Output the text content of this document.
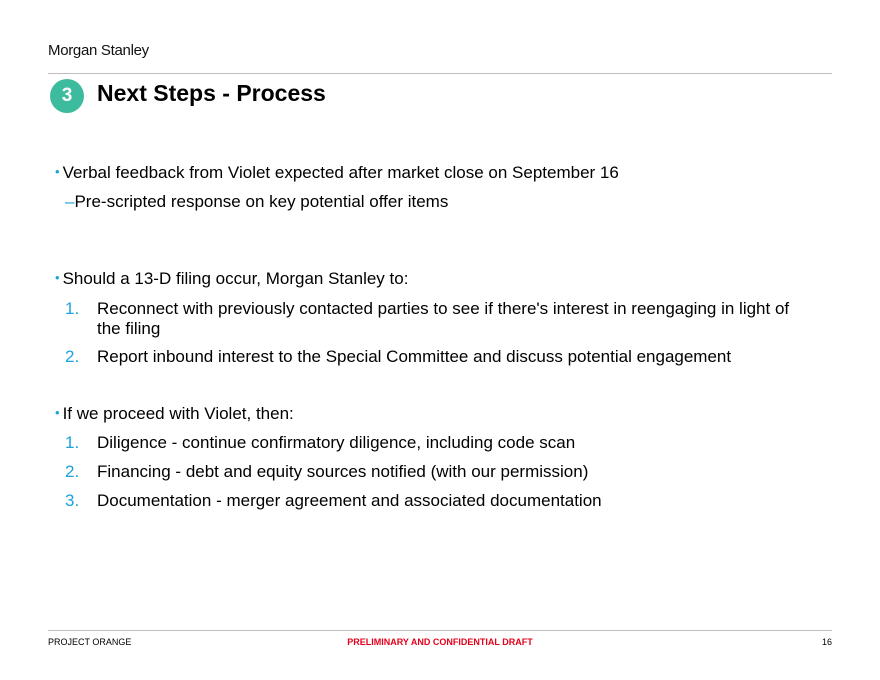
Morgan Stanley
3	Next Steps - Process
• Verbal feedback from Violet expected after market close on September 16
–Pre-scripted response on key potential offer items
• Should a 13-D filing occur, Morgan Stanley to:
1. Reconnect with previously contacted parties to see if there's interest in reengaging in light of
the filing
2. Report inbound interest to the Special Committee and discuss potential engagement
• If we proceed with Violet, then:
1. Diligence - continue confirmatory diligence, including code scan
2. Financing - debt and equity sources notified (with our permission)
3. Documentation - merger agreement and associated documentation
PROJECT ORANGE	PRELIMINARY AND CONFIDENTIAL DRAFT	16
